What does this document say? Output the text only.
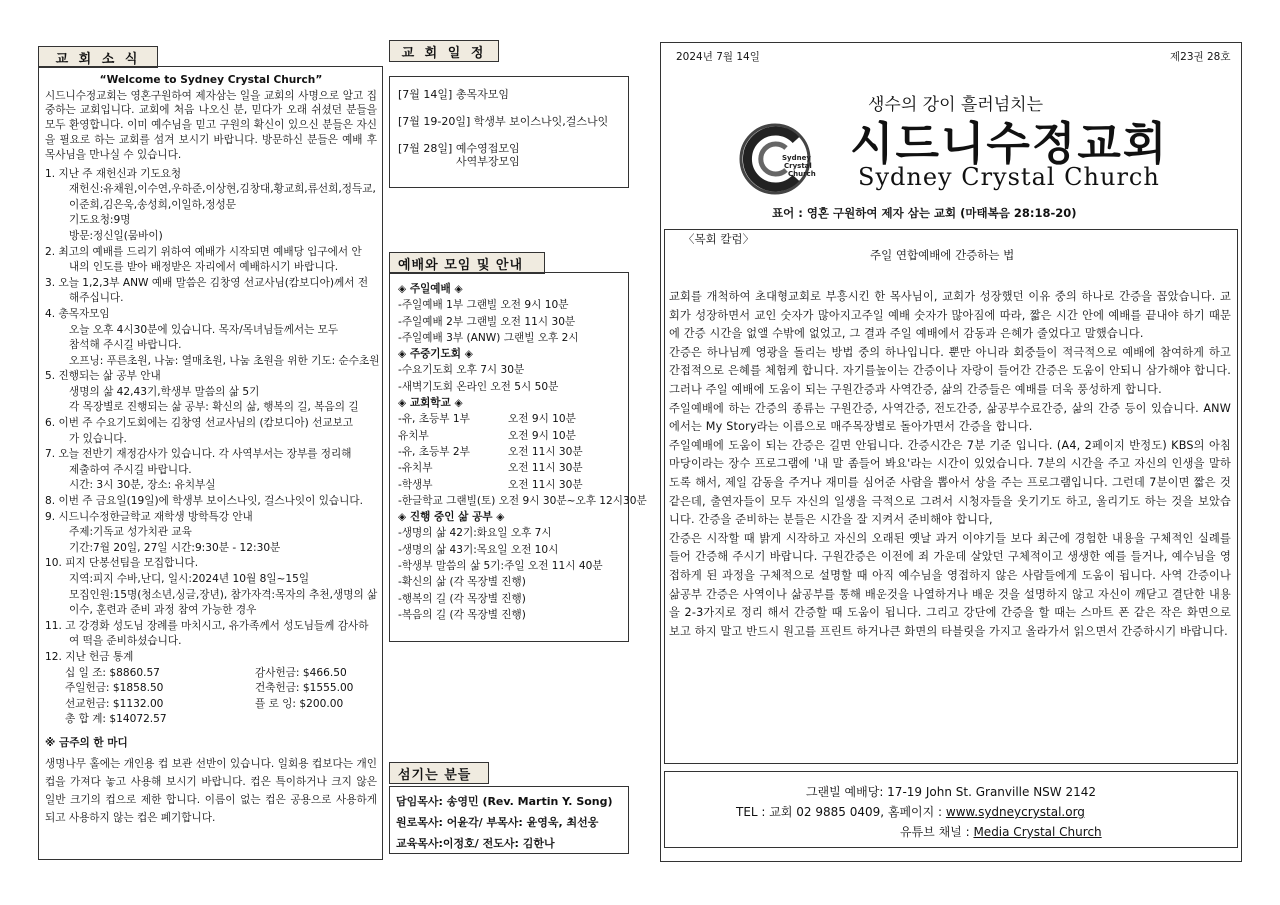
교 회 소 식
“Welcome to Sydney Crystal Church”
시드니수정교회는 영혼구원하여 제자삼는 일을 교회의 사명으로 알고 집중하는 교회입니다. 교회에 처음 나오신 분, 믿다가 오래 쉬셨던 분들을 모두 환영합니다. 이미 예수님을 믿고 구원의 확신이 있으신 분들은 자신을 필요로 하는 교회를 섬겨 보시기 바랍니다. 방문하신 분들은 예배 후 목사님을 만나실 수 있습니다.
1. 지난 주 재헌신과 기도요청
재헌신:유채원,이수연,우하준,이상현,김창대,황교희,류선희,정득교,
이준희,김은욱,송성희,이일하,정성문
기도요청:9명
방문:정신일(뭄바이)
2. 최고의 예배를 드리기 위하여 예배가 시작되면 예배당 입구에서 안
내의 인도를 받아 배정받은 자리에서 예배하시기 바랍니다.
3. 오늘 1,2,3부 ANW 예배 말씀은 김창영 선교사님(캄보디아)께서 전
해주십니다.
4. 총목자모임
오늘 오후 4시30분에 있습니다. 목자/목녀님들께서는 모두
참석해 주시길 바랍니다.
오프닝: 푸른초원, 나눔: 열매초원, 나눔 초원을 위한 기도: 순수초원
5. 진행되는 삶 공부 안내
생명의 삶 42,43기,학생부 말씀의 삶 5기
각 목장별로 진행되는 삶 공부: 확신의 삶, 행복의 길, 복음의 길
6. 이번 주 수요기도회에는 김창영 선교사님의 (캄보디아) 선교보고
가 있습니다.
7. 오늘 전반기 재정감사가 있습니다. 각 사역부서는 장부를 정리해
제출하여 주시길 바랍니다.
시간: 3시 30분, 장소: 유치부실
8. 이번 주 금요일(19일)에 학생부 보이스나잇, 걸스나잇이 있습니다.
9. 시드니수정한글학교 재학생 방학특강 안내
주제:기독교 성가치관 교육
기간:7월 20일, 27일 시간:9:30분 - 12:30분
10. 피지 단봉선팀을 모집합니다.
지역:피지 수바,난디, 일시:2024년 10월 8일~15일
모집인원:15명(청소년,싱글,장년), 참가자격:목자의 추천,생명의 삶
이수, 훈련과 준비 과정 참여 가능한 경우
11. 고 강경화 성도님 장례를 마치시고, 유가족께서 성도님들께 감사하
여 떡을 준비하셨습니다.
12. 지난 헌금 통계
십 일 조: $8860.57	감사헌금: $466.50
주일헌금: $1858.50	건축헌금: $1555.00
선교헌금: $1132.00	플 로 잉: $200.00
총 합 계: $14072.57
※ 금주의 한 마디
생명나무 홀에는 개인용 컵 보관 선반이 있습니다. 일회용 컵보다는 개인컵을 가져다 놓고 사용해 보시기 바랍니다. 컵은 특이하거나 크지 않은 일반 크기의 컵으로 제한 합니다. 이름이 없는 컵은 공용으로 사용하게 되고 사용하지 않는 컵은 폐기합니다.
교 회 일 정
[7월 14일] 총목자모임
[7월 19-20일] 학생부 보이스나잇,걸스나잇
[7월 28일] 예수영접모임
사역부장모임
예배와 모임 및 안내
◈ 주일예배 ◈
-주일예배 1부 그랜빌 오전 9시 10분
-주일예배 2부 그랜빌 오전 11시 30분
-주일예배 3부 (ANW) 그랜빌 오후 2시
◈ 주중기도회 ◈
-수요기도회 오후 7시 30분
-새벽기도회 온라인 오전 5시 50분
◈ 교회학교 ◈
-유, 초등부 1부	오전 9시 10분
유치부	오전 9시 10분
-유, 초등부 2부	오전 11시 30분
-유치부	오전 11시 30분
-학생부	오전 11시 30분
-한글학교 그랜빌(토) 오전 9시 30분~오후 12시30분
◈ 진행 중인 삶 공부 ◈
-생명의 삶 42기:화요일 오후 7시
-생명의 삶 43기:목요일 오전 10시
-학생부 말씀의 삶 5기:주일 오전 11시 40분
-확신의 삶 (각 목장별 진행)
-행복의 길 (각 목장별 진행)
-복음의 길 (각 목장별 진행)
섬기는 분들
담임목사: 송영민 (Rev. Martin Y. Song)
원로목사: 어윤각/ 부목사: 윤영욱, 최선웅
교육목사:이정호/ 전도사: 김한나
2024년 7월 14일	제23권 28호
Sydney
Crystal
Church
생수의 강이 흘러넘치는
시드니수정교회
Sydney Crystal Church
표어 : 영혼 구원하여 제자 삼는 교회 (마태복음 28:18-20)
〈목회 칼럼〉
주일 연합예배에 간증하는 법
교회를 개척하여 초대형교회로 부흥시킨 한 목사님이, 교회가 성장했던 이유 중의 하나로 간증을 꼽았습니다. 교회가 성장하면서 교인 숫자가 많아지고주일 예배 숫자가 많아짐에 따라, 짧은 시간 안에 예배를 끝내야 하기 때문에 간증 시간을 없앨 수밖에 없었고, 그 결과 주일 예배에서 감동과 은혜가 줄었다고 말했습니다.
간증은 하나님께 영광을 돌리는 방법 중의 하나입니다. 뿐만 아니라 회중들이 적극적으로 예배에 참여하게 하고 간접적으로 은혜를 체험케 합니다. 자기를높이는 간증이나 자랑이 들어간 간증은 도움이 안되니 삼가해야 합니다. 그러나 주일 예배에 도움이 되는 구원간증과 사역간증, 삶의 간증들은 예배를 더욱 풍성하게 합니다.
주일예배에 하는 간증의 종류는 구원간증, 사역간증, 전도간증, 삶공부수료간증, 삶의 간증 등이 있습니다. ANW에서는 My Story라는 이름으로 매주목장별로 돌아가면서 간증을 합니다.
주일예배에 도움이 되는 간증은 길면 안됩니다. 간증시간은 7분 기준 입니다. (A4, 2페이지 반정도) KBS의 아침 마당이라는 장수 프로그램에 '내 말 좀들어 봐요'라는 시간이 있었습니다. 7분의 시간을 주고 자신의 인생을 말하도록 해서, 제일 감동을 주거나 재미를 심어준 사람을 뽑아서 상을 주는 프로그램입니다. 그런데 7분이면 짧은 것 같은데, 출연자들이 모두 자신의 일생을 극적으로 그려서 시청자들을 웃기기도 하고, 울리기도 하는 것을 보았습니다. 간증을 준비하는 분들은 시간을 잘 지켜서 준비해야 합니다,
간증은 시작할 때 밝게 시작하고 자신의 오래된 옛날 과거 이야기들 보다 최근에 경험한 내용을 구체적인 실례를 들어 간증해 주시기 바랍니다. 구원간증은 이전에 죄 가운데 살았던 구체적이고 생생한 예를 들거나, 예수님을 영접하게 된 과정을 구체적으로 설명할 때 아직 예수님을 영접하지 않은 사람들에게 도움이 됩니다. 사역 간증이나 삶공부 간증은 사역이나 삶공부를 통해 배운것을 나열하거나 배운 것을 설명하지 않고 자신이 깨닫고 결단한 내용을 2-3가지로 정리 해서 간증할 때 도움이 됩니다. 그리고 강단에 간증을 할 때는 스마트 폰 같은 작은 화면으로 보고 하지 말고 반드시 원고를 프린트 하거나큰 화면의 타블릿을 가지고 올라가서 읽으면서 간증하시기 바랍니다.
그랜빌 예배당: 17-19 John St. Granville NSW 2142
TEL : 교회 02 9885 0409, 홈페이지 : www.sydneycrystal.org
유튜브 채널 : Media Crystal Church
